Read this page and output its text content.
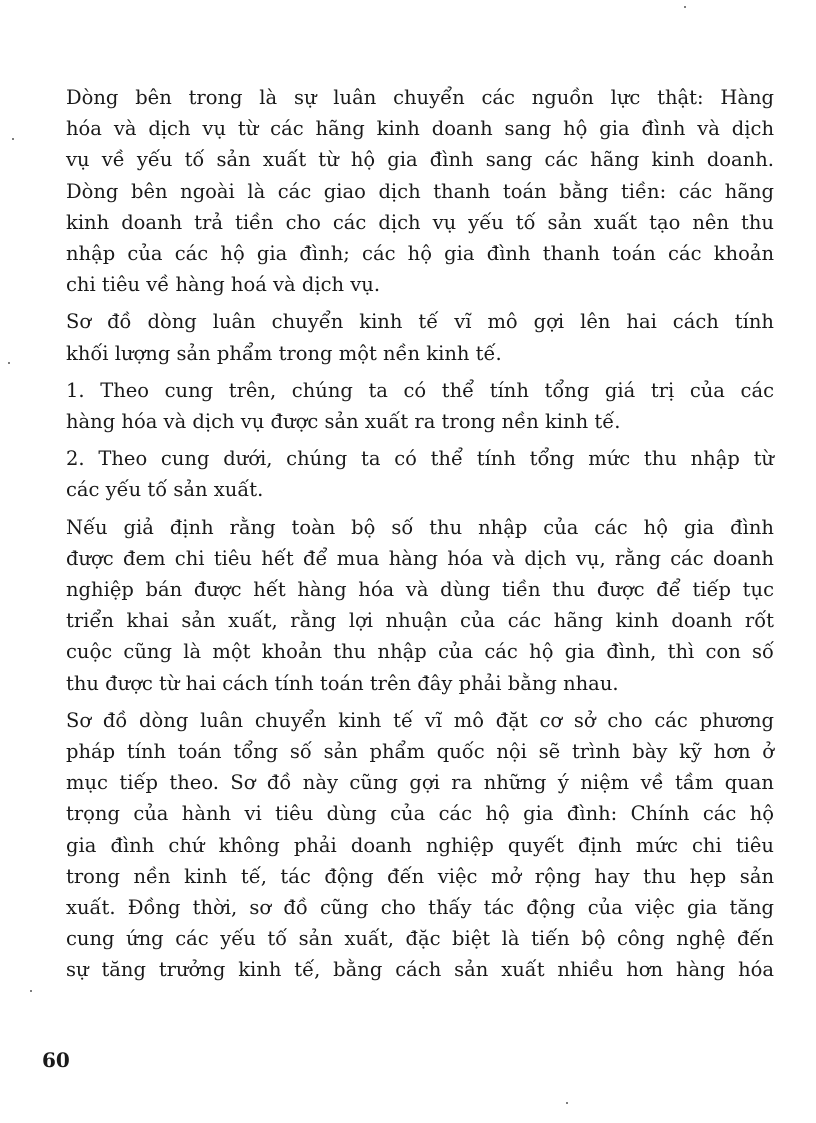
Dòng bên trong là sự luân chuyển các nguồn lực thật: Hàng
hóa và dịch vụ từ các hãng kinh doanh sang hộ gia đình và dịch
vụ về yếu tố sản xuất từ hộ gia đình sang các hãng kinh doanh.
Dòng bên ngoài là các giao dịch thanh toán bằng tiền: các hãng
kinh doanh trả tiền cho các dịch vụ yếu tố sản xuất tạo nên thu
nhập của các hộ gia đình; các hộ gia đình thanh toán các khoản
chi tiêu về hàng hoá và dịch vụ.

Sơ đồ dòng luân chuyển kinh tế vĩ mô gợi lên hai cách tính
khối lượng sản phẩm trong một nền kinh tế.

1. Theo cung trên, chúng ta có thể tính tổng giá trị của các
hàng hóa và dịch vụ được sản xuất ra trong nền kinh tế.

2. Theo cung dưới, chúng ta có thể tính tổng mức thu nhập từ
các yếu tố sản xuất.

Nếu giả định rằng toàn bộ số thu nhập của các hộ gia đình
được đem chi tiêu hết để mua hàng hóa và dịch vụ, rằng các doanh
nghiệp bán được hết hàng hóa và dùng tiền thu được để tiếp tục
triển khai sản xuất, rằng lợi nhuận của các hãng kinh doanh rốt
cuộc cũng là một khoản thu nhập của các hộ gia đình, thì con số
thu được từ hai cách tính toán trên đây phải bằng nhau.

Sơ đồ dòng luân chuyển kinh tế vĩ mô đặt cơ sở cho các phương
pháp tính toán tổng số sản phẩm quốc nội sẽ trình bày kỹ hơn ở
mục tiếp theo. Sơ đồ này cũng gợi ra những ý niệm về tầm quan
trọng của hành vi tiêu dùng của các hộ gia đình: Chính các hộ
gia đình chứ không phải doanh nghiệp quyết định mức chi tiêu
trong nền kinh tế, tác động đến việc mở rộng hay thu hẹp sản
xuất. Đồng thời, sơ đồ cũng cho thấy tác động của việc gia tăng
cung ứng các yếu tố sản xuất, đặc biệt là tiến bộ công nghệ đến
sự tăng trưởng kinh tế, bằng cách sản xuất nhiều hơn hàng hóa

60
